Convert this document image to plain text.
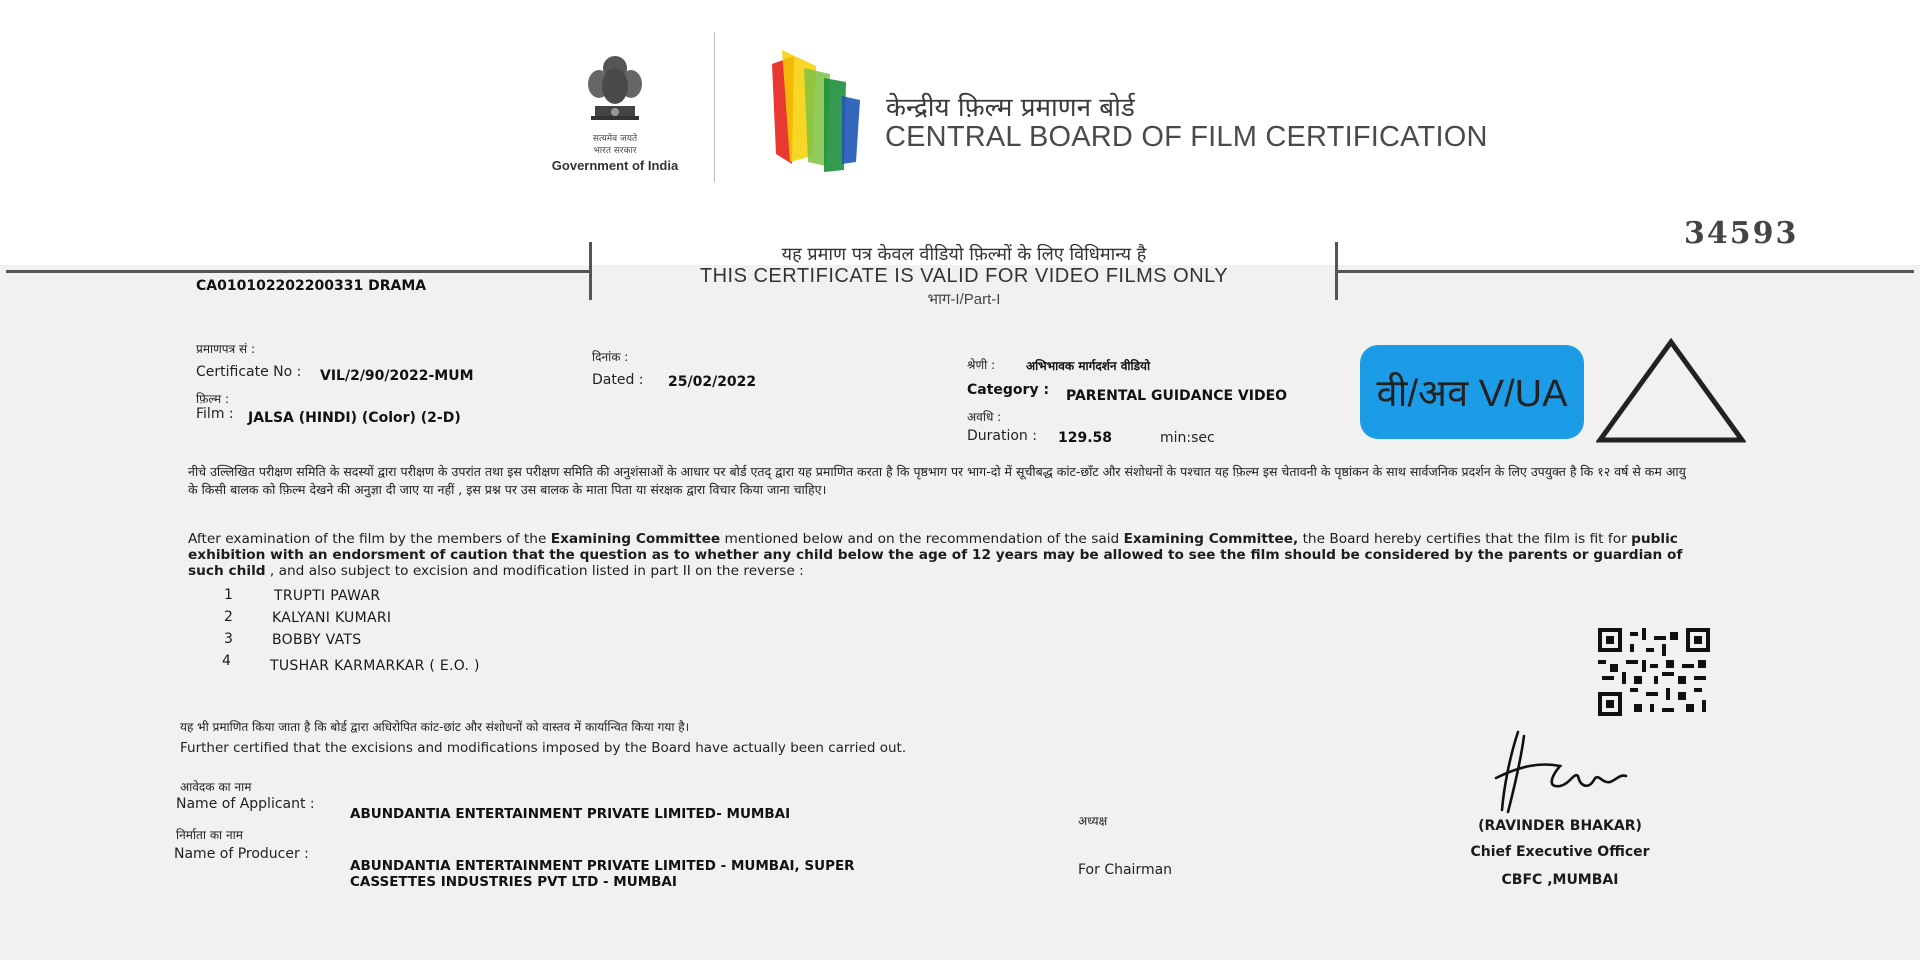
सत्यमेव जयते
भारत सरकार
Government of India
केन्द्रीय फ़िल्म प्रमाणन बोर्ड
CENTRAL BOARD OF FILM CERTIFICATION
34593
यह प्रमाण पत्र केवल वीडियो फ़िल्मों के लिए विधिमान्य है
THIS CERTIFICATE IS VALID FOR VIDEO FILMS ONLY
भाग-I/Part-I
CA010102202200331 DRAMA
प्रमाणपत्र सं :
Certificate No : VIL/2/90/2022-MUM
फ़िल्म :
Film : JALSA (HINDI) (Color) (2-D)
दिनांक :
Dated : 25/02/2022
श्रेणी :	अभिभावक मार्गदर्शन वीडियो
Category : PARENTAL GUIDANCE VIDEO
अवधि :
Duration : 129.58	min:sec
वी/अव V/UA
नीचे उल्लिखित परीक्षण समिति के सदस्यों द्वारा परीक्षण के उपरांत तथा इस परीक्षण समिति की अनुशंसाओं के आधार पर बोर्ड एतद् द्वारा यह प्रमाणित करता है कि पृष्ठभाग पर भाग-दो में सूचीबद्ध कांट-छाँट और संशोधनों के पश्चात यह फ़िल्म इस चेतावनी के पृष्ठांकन के साथ सार्वजनिक प्रदर्शन के लिए उपयुक्त है कि १२ वर्ष से कम आयु के किसी बालक को फ़िल्म देखने की अनुज्ञा दी जाए या नहीं , इस प्रश्न पर उस बालक के माता पिता या संरक्षक द्वारा विचार किया जाना चाहिए।
After examination of the film by the members of the Examining Committee mentioned below and on the recommendation of the said Examining Committee, the Board hereby certifies that the film is fit for public exhibition with an endorsment of caution that the question as to whether any child below the age of 12 years may be allowed to see the film should be considered by the parents or guardian of such child , and also subject to excision and modification listed in part II on the reverse :
1	TRUPTI PAWAR
2	KALYANI KUMARI
3	BOBBY VATS
4	TUSHAR KARMARKAR ( E.O. )
यह भी प्रमाणित किया जाता है कि बोर्ड द्वारा अधिरोपित कांट-छांट और संशोधनों को वास्तव में कार्यान्वित किया गया है।
Further certified that the excisions and modifications imposed by the Board have actually been carried out.
आवेदक का नाम
Name of Applicant :
ABUNDANTIA ENTERTAINMENT PRIVATE LIMITED- MUMBAI
निर्माता का नाम
Name of Producer :
ABUNDANTIA ENTERTAINMENT PRIVATE LIMITED - MUMBAI, SUPER
CASSETTES INDUSTRIES PVT LTD - MUMBAI
अध्यक्ष
For Chairman
(RAVINDER BHAKAR)
Chief Executive Officer
CBFC ,MUMBAI
